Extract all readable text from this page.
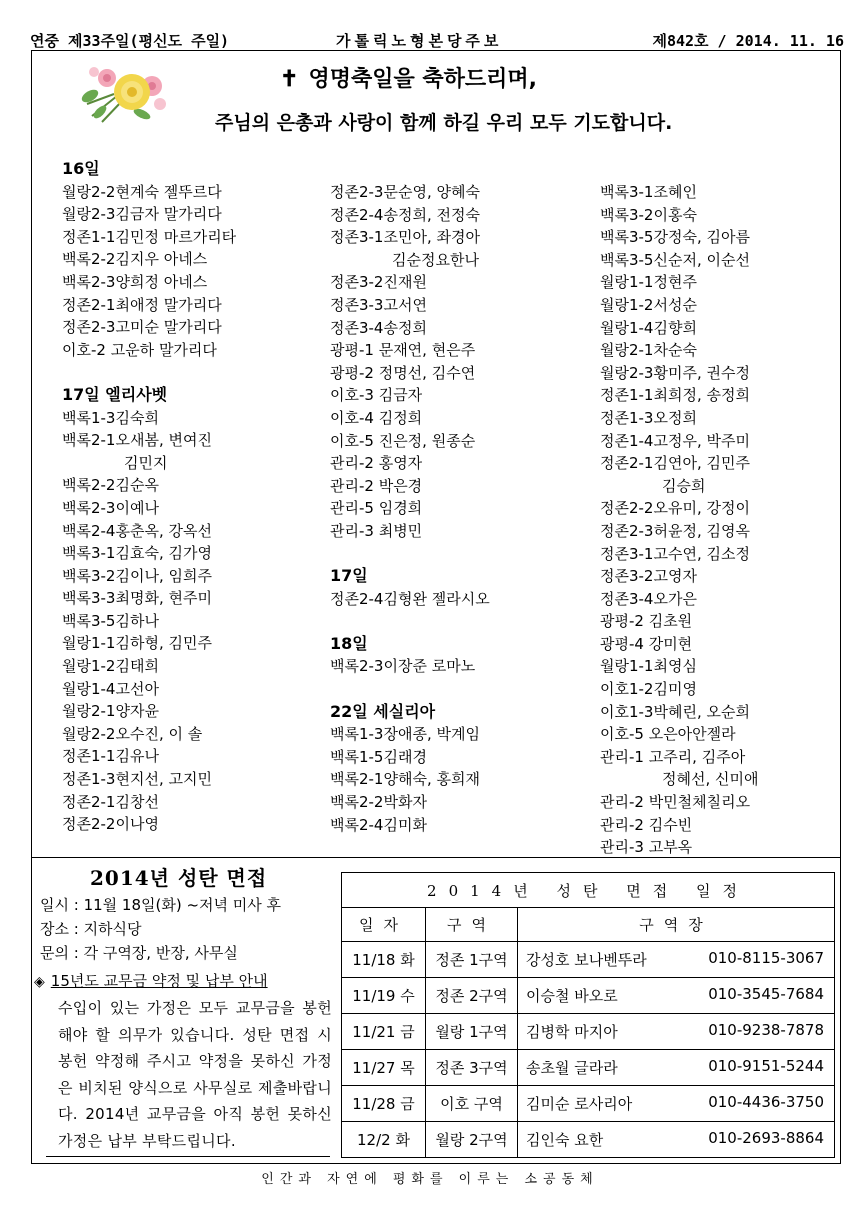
연중 제33주일(평신도 주일)	가톨릭노형본당주보	제842호 / 2014. 11. 16
✝ 영명축일을 축하드리며,
주님의 은총과 사랑이 함께 하길 우리 모두 기도합니다.
16일
월랑2-2현계숙 젤뚜르다
월랑2-3김금자 말가리다
정존1-1김민정 마르가리타
백록2-2김지우 아네스
백록2-3양희정 아네스
정존2-1최애정 말가리다
정존2-3고미순 말가리다
이호-2 고운하 말가리다
17일 엘리사벳
백록1-3김숙희
백록2-1오새봄, 변여진
김민지
백록2-2김순옥
백록2-3이예나
백록2-4홍춘옥, 강옥선
백록3-1김효숙, 김가영
백록3-2김이나, 임희주
백록3-3최명화, 현주미
백록3-5김하나
월랑1-1김하형, 김민주
월랑1-2김태희
월랑1-4고선아
월랑2-1양자윤
월랑2-2오수진, 이 솔
정존1-1김유나
정존1-3현지선, 고지민
정존2-1김창선
정존2-2이나영
정존2-3문순영, 양혜숙
정존2-4송정희, 전정숙
정존3-1조민아, 좌경아
김순정요한나
정존3-2진재원
정존3-3고서연
정존3-4송정희
광평-1 문재연, 현은주
광평-2 정명선, 김수연
이호-3 김금자
이호-4 김정희
이호-5 진은정, 원종순
관리-2 홍영자
관리-2 박은경
관리-5 임경희
관리-3 최병민
17일
정존2-4김형완 젤라시오
18일
백록2-3이장준 로마노
22일 세실리아
백록1-3장애종, 박계임
백록1-5김래경
백록2-1양해숙, 홍희재
백록2-2박화자
백록2-4김미화
백록3-1조혜인
백록3-2이홍숙
백록3-5강정숙, 김아름
백록3-5신순저, 이순선
월랑1-1정현주
월랑1-2서성순
월랑1-4김향희
월랑2-1차순숙
월랑2-3황미주, 권수정
정존1-1최희정, 송정희
정존1-3오정희
정존1-4고정우, 박주미
정존2-1김연아, 김민주
김승희
정존2-2오유미, 강정이
정존2-3허윤정, 김영옥
정존3-1고수연, 김소정
정존3-2고영자
정존3-4오가은
광평-2 김초원
광평-4 강미현
월랑1-1최영심
이호1-2김미영
이호1-3박혜린, 오순희
이호-5 오은아안젤라
관리-1 고주리, 김주아
정혜선, 신미애
관리-2 박민철체칠리오
관리-2 김수빈
관리-3 고부옥
2014년 성탄 면접
일시 : 11월 18일(화) ~저녁 미사 후
장소 : 지하식당
문의 : 각 구역장, 반장, 사무실
◈ 15년도 교무금 약정 및 납부 안내
수입이 있는 가정은 모두 교무금을 봉헌해야 할 의무가 있습니다. 성탄 면접 시 봉헌 약정해 주시고 약정을 못하신 가정은 비치된 양식으로 사무실로 제출바랍니다. 2014년 교무금을 아직 봉헌 못하신 가정은 납부 부탁드립니다.
2014년 성탄 면접 일정		
일자	구역	구역장
11/18 화	정존 1구역	강성호 보나벤뚜라 010-8115-3067

11/19 수	정존 2구역	이승철 바오로 010-3545-7684

11/21 금	월랑 1구역	김병학 마지아 010-9238-7878

11/27 목	정존 3구역	송초월 글라라 010-9151-5244

11/28 금	이호 구역	김미순 로사리아 010-4436-3750

12/2 화	월랑 2구역	김인숙 요한 010-2693-8864
인간과 자연에 평화를 이루는 소공동체
